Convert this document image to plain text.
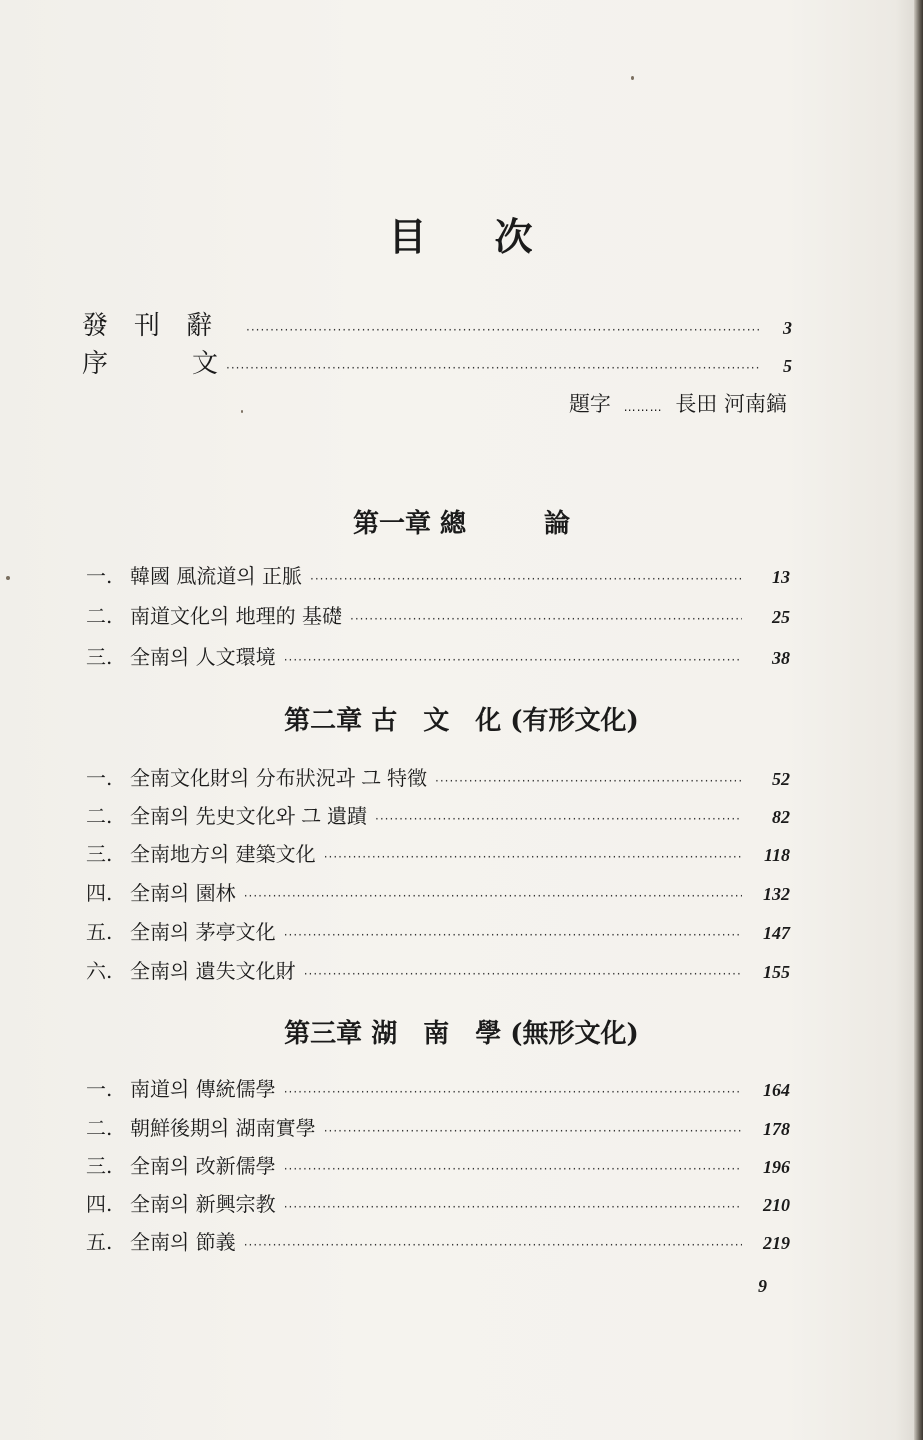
目 次
發刊辭 ·····	3
序	文 ·····	5
題字 ……… 長田 河南鎬
第一章 總　　　論
一. 韓國 風流道의 正脈 ·····	13
二. 南道文化의 地理的 基礎 ·····	25
三. 全南의 人文環境 ·····	38
第二章 古　文　化 (有形文化)
一. 全南文化財의 分布狀況과 그 特徵 ·····	52
二. 全南의 先史文化와 그 遺蹟 ·····	82
三. 全南地方의 建築文化 ·····	118
四. 全南의 園林 ·····	132
五. 全南의 茅亭文化 ·····	147
六. 全南의 遺失文化財 ·····	155
第三章 湖　南　學 (無形文化)
一. 南道의 傳統儒學 ·····	164
二. 朝鮮後期의 湖南實學 ·····	178
三. 全南의 改新儒學 ·····	196
四. 全南의 新興宗教 ·····	210
五. 全南의 節義 ·····	219
9
